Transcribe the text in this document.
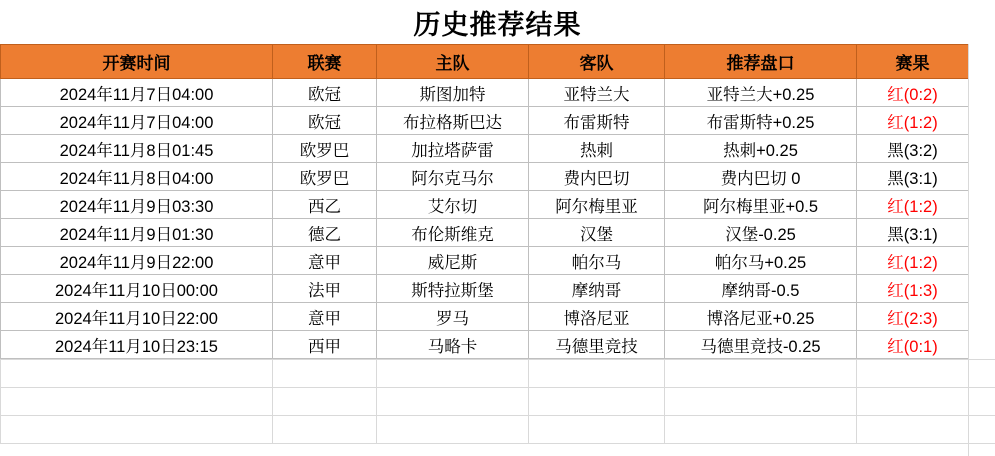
历史推荐结果
开赛时间	联赛	主队	客队	推荐盘口	赛果
2024年11月7日04:00	欧冠	斯图加特	亚特兰大	亚特兰大+0.25	红(0:2)
2024年11月7日04:00	欧冠	布拉格斯巴达	布雷斯特	布雷斯特+0.25	红(1:2)
2024年11月8日01:45	欧罗巴	加拉塔萨雷	热刺	热刺+0.25	黑(3:2)
2024年11月8日04:00	欧罗巴	阿尔克马尔	费内巴切	费内巴切 0	黑(3:1)
2024年11月9日03:30	西乙	艾尔切	阿尔梅里亚	阿尔梅里亚+0.5	红(1:2)
2024年11月9日01:30	德乙	布伦斯维克	汉堡	汉堡-0.25	黑(3:1)
2024年11月9日22:00	意甲	威尼斯	帕尔马	帕尔马+0.25	红(1:2)
2024年11月10日00:00	法甲	斯特拉斯堡	摩纳哥	摩纳哥-0.5	红(1:3)
2024年11月10日22:00	意甲	罗马	博洛尼亚	博洛尼亚+0.25	红(2:3)
2024年11月10日23:15	西甲	马略卡	马德里竞技	马德里竞技-0.25	红(0:1)
